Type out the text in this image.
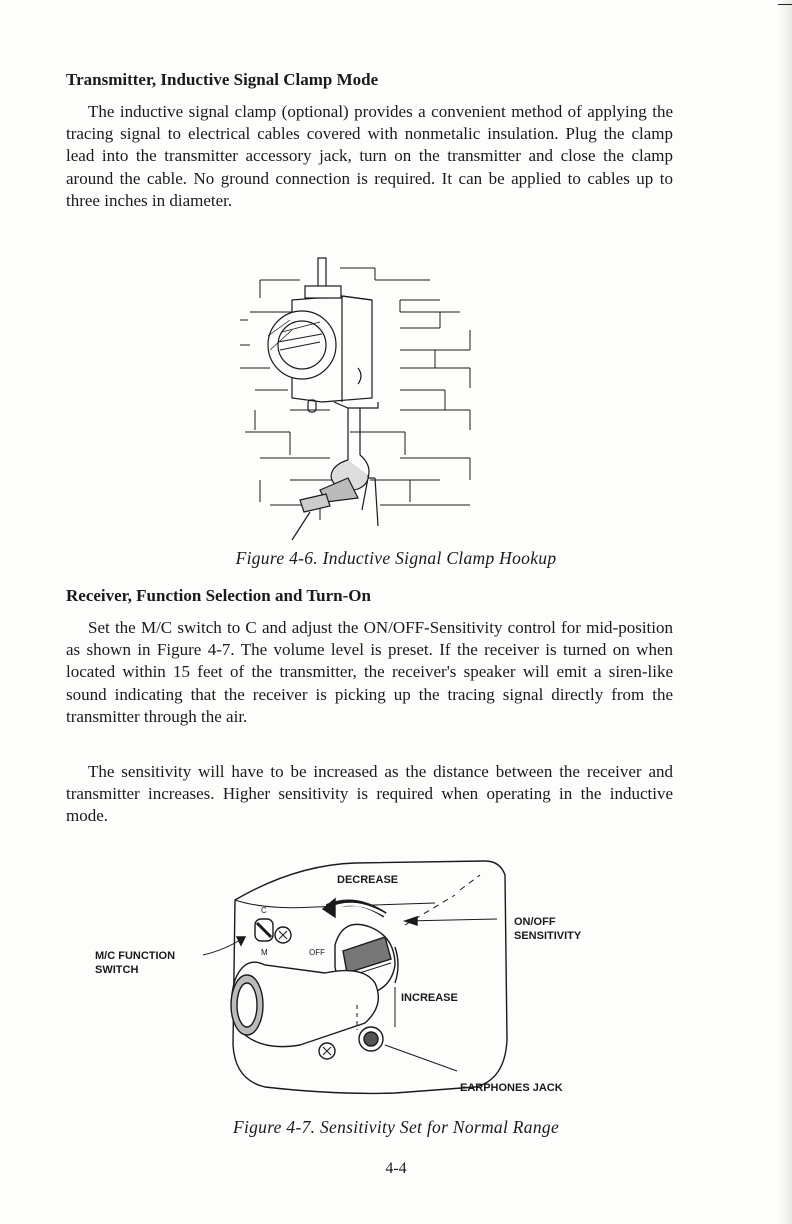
Transmitter, Inductive Signal Clamp Mode

The inductive signal clamp (optional) provides a convenient method of applying the tracing signal to electrical cables covered with nonmetalic insulation. Plug the clamp lead into the transmitter accessory jack, turn on the transmitter and close the clamp around the cable. No ground connection is required. It can be applied to cables up to three inches in diameter.

Figure 4-6. Inductive Signal Clamp Hookup

Receiver, Function Selection and Turn-On

Set the M/C switch to C and adjust the ON/OFF-Sensitivity control for mid-position as shown in Figure 4-7. The volume level is preset. If the receiver is turned on when located within 15 feet of the transmitter, the receiver's speaker will emit a siren-like sound indicating that the receiver is picking up the tracing signal directly from the transmitter through the air.

The sensitivity will have to be increased as the distance between the receiver and transmitter increases. Higher sensitivity is required when operating in the inductive mode.

DECREASE
INCREASE
ON/OFF
SENSITIVITY
M/C FUNCTION
SWITCH
EARPHONES JACK
C
M	OFF

Figure 4-7. Sensitivity Set for Normal Range

4-4
